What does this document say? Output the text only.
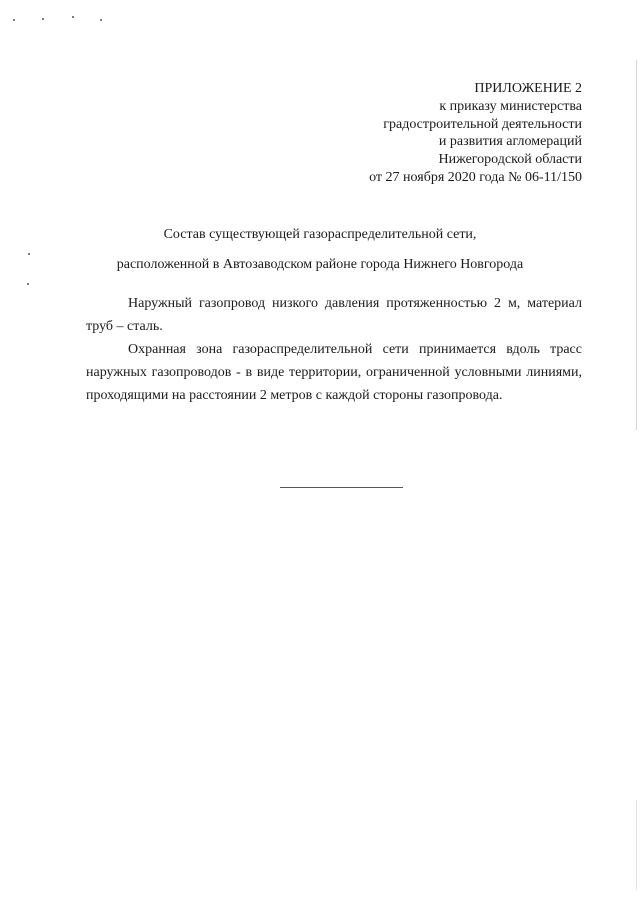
ПРИЛОЖЕНИЕ 2
к приказу министерства
градостроительной деятельности
и развития агломераций
Нижегородской области
от 27 ноября 2020 года № 06-11/150
Состав существующей газораспределительной сети,
расположенной в Автозаводском районе города Нижнего Новгорода

Наружный газопровод низкого давления протяженностью 2 м, материал труб – сталь.

Охранная зона газораспределительной сети принимается вдоль трасс наружных газопроводов - в виде территории, ограниченной условными линиями, проходящими на расстоянии 2 метров с каждой стороны газопровода.
